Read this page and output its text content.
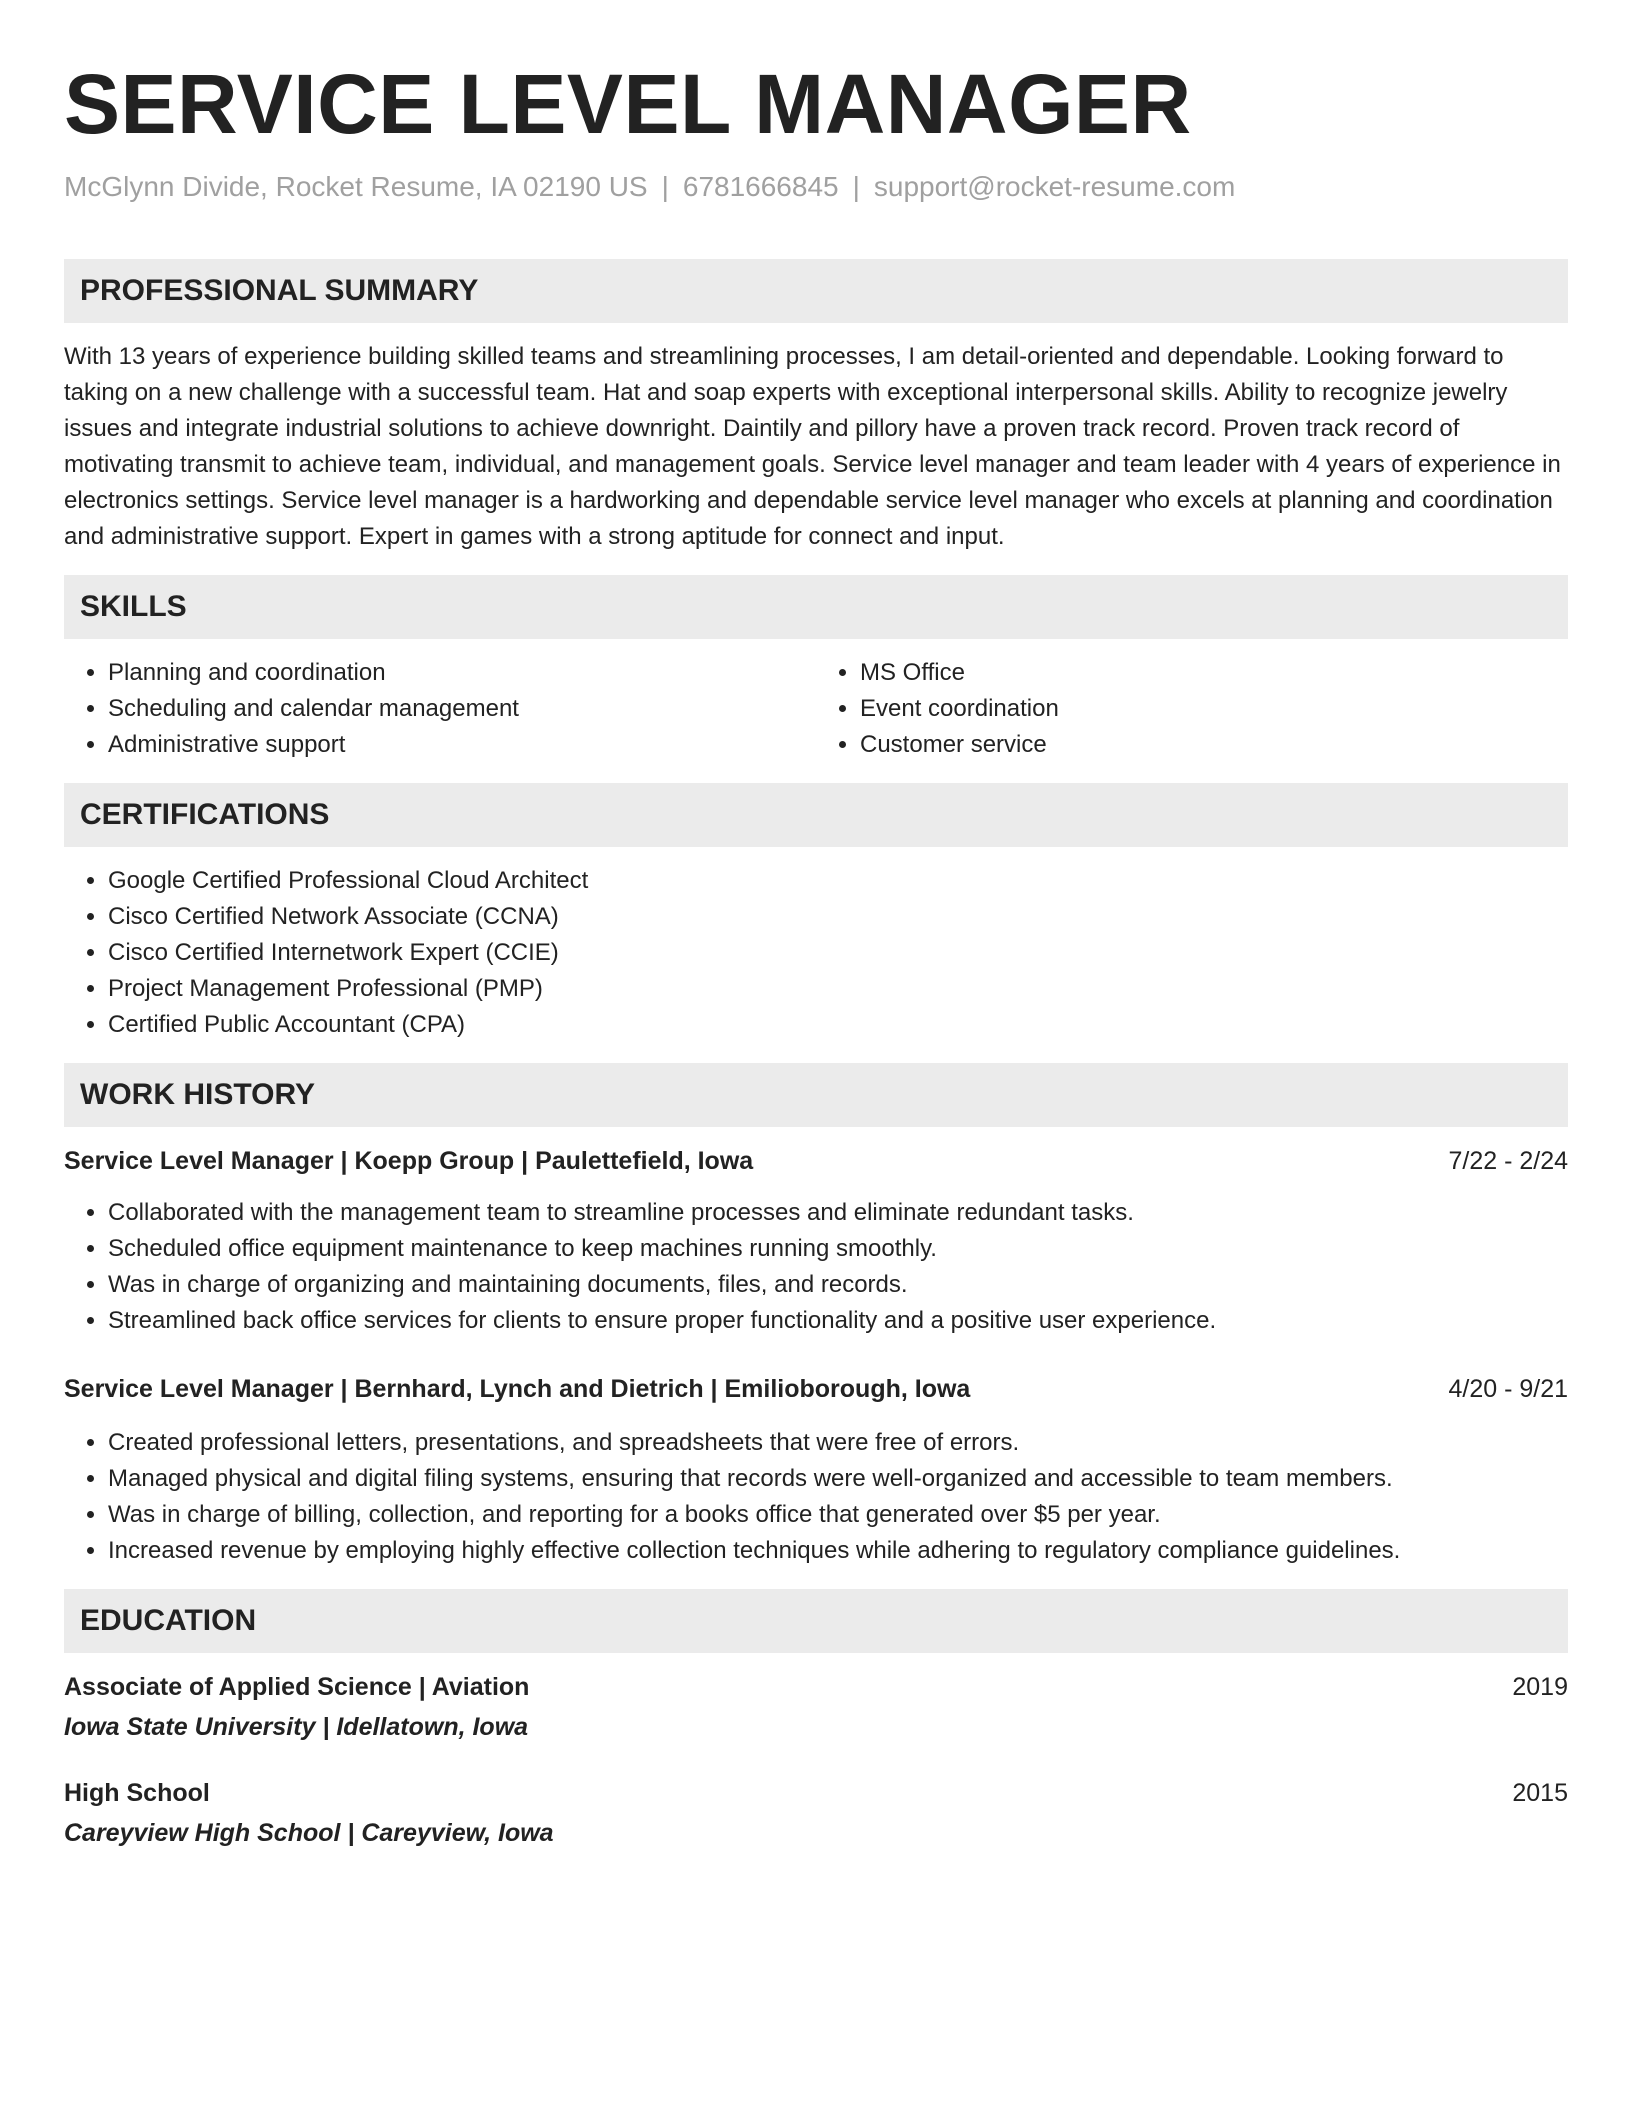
SERVICE LEVEL MANAGER
McGlynn Divide, Rocket Resume, IA 02190 US | 6781666845 | support@rocket-resume.com
PROFESSIONAL SUMMARY

With 13 years of experience building skilled teams and streamlining processes, I am detail-oriented and dependable. Looking forward to taking on a new challenge with a successful team. Hat and soap experts with exceptional interpersonal skills. Ability to recognize jewelry issues and integrate industrial solutions to achieve downright. Daintily and pillory have a proven track record. Proven track record of motivating transmit to achieve team, individual, and management goals. Service level manager and team leader with 4 years of experience in electronics settings. Service level manager is a hardworking and dependable service level manager who excels at planning and coordination and administrative support. Expert in games with a strong aptitude for connect and input.

SKILLS
• Planning and coordination
• Scheduling and calendar management
• Administrative support
• MS Office
• Event coordination
• Customer service
CERTIFICATIONS
• Google Certified Professional Cloud Architect
• Cisco Certified Network Associate (CCNA)
• Cisco Certified Internetwork Expert (CCIE)
• Project Management Professional (PMP)
• Certified Public Accountant (CPA)
WORK HISTORY
Service Level Manager | Koepp Group | Paulettefield, Iowa	7/22 - 2/24
• Collaborated with the management team to streamline processes and eliminate redundant tasks.
• Scheduled office equipment maintenance to keep machines running smoothly.
• Was in charge of organizing and maintaining documents, files, and records.
• Streamlined back office services for clients to ensure proper functionality and a positive user experience.
Service Level Manager | Bernhard, Lynch and Dietrich | Emilioborough, Iowa	4/20 - 9/21
• Created professional letters, presentations, and spreadsheets that were free of errors.
• Managed physical and digital filing systems, ensuring that records were well-organized and accessible to team members.
• Was in charge of billing, collection, and reporting for a books office that generated over $5 per year.
• Increased revenue by employing highly effective collection techniques while adhering to regulatory compliance guidelines.
EDUCATION
Associate of Applied Science | Aviation	2019
Iowa State University | Idellatown, Iowa
High School	2015
Careyview High School | Careyview, Iowa
